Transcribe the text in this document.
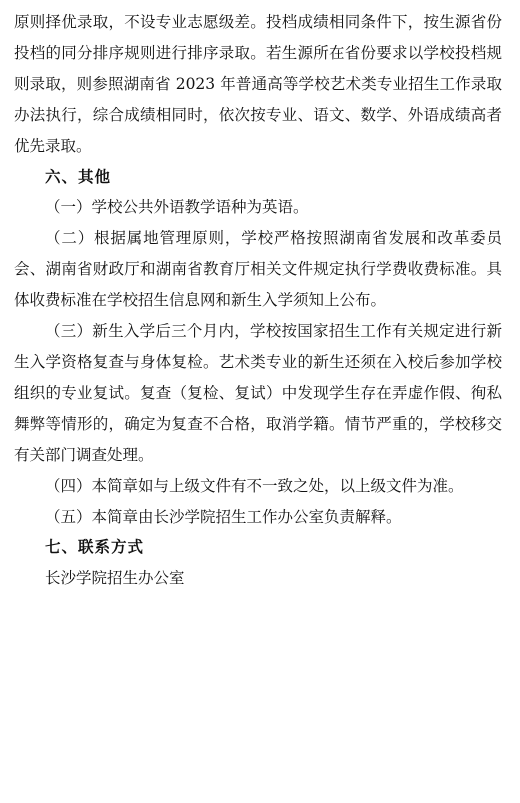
原则择优录取，不设专业志愿级差。投档成绩相同条件下，按生源省份投档的同分排序规则进行排序录取。若生源所在省份要求以学校投档规则录取，则参照湖南省 2023 年普通高等学校艺术类专业招生工作录取办法执行，综合成绩相同时，依次按专业、语文、数学、外语成绩高者优先录取。

六、其他

（一）学校公共外语教学语种为英语。

（二）根据属地管理原则，学校严格按照湖南省发展和改革委员会、湖南省财政厅和湖南省教育厅相关文件规定执行学费收费标准。具体收费标准在学校招生信息网和新生入学须知上公布。

（三）新生入学后三个月内，学校按国家招生工作有关规定进行新生入学资格复查与身体复检。艺术类专业的新生还须在入校后参加学校组织的专业复试。复查（复检、复试）中发现学生存在弄虚作假、徇私舞弊等情形的，确定为复查不合格，取消学籍。情节严重的，学校移交有关部门调查处理。

（四）本简章如与上级文件有不一致之处，以上级文件为准。

（五）本简章由长沙学院招生工作办公室负责解释。

七、联系方式

长沙学院招生办公室
